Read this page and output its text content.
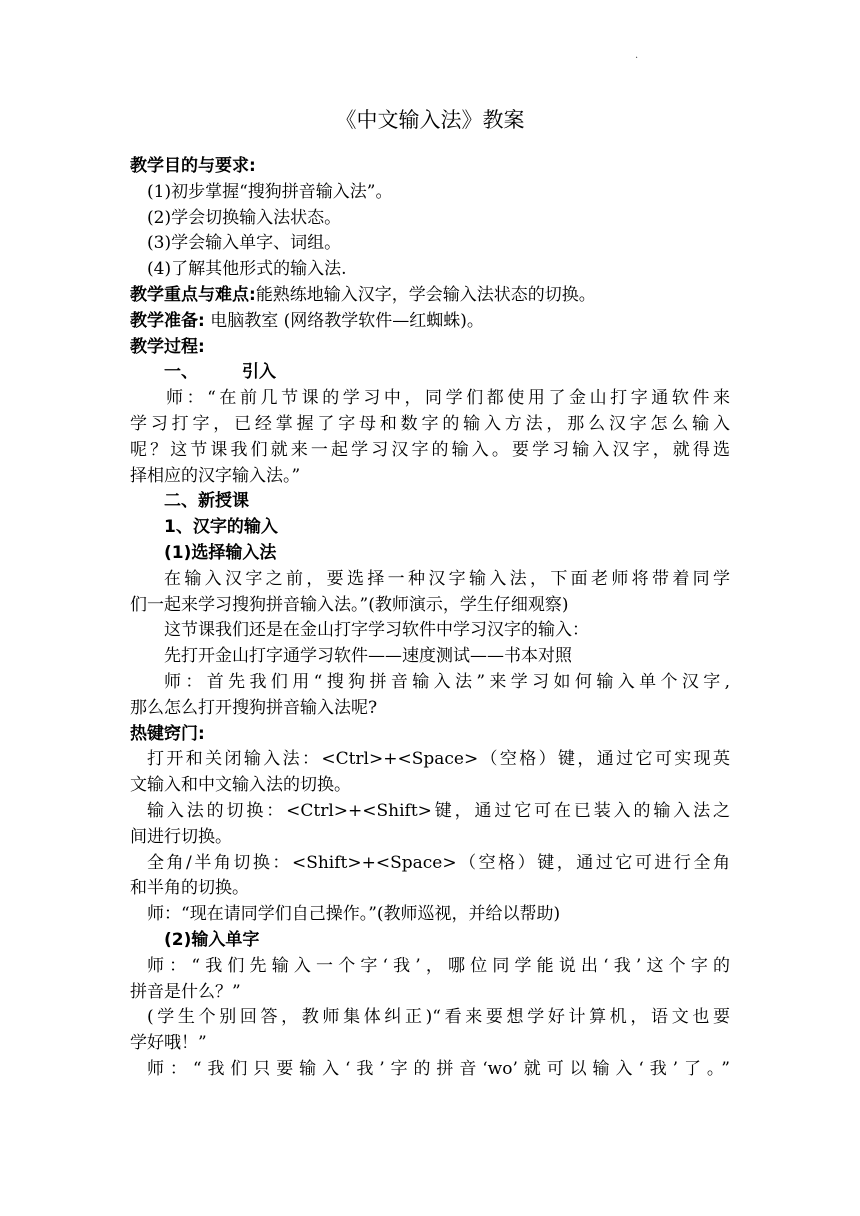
·
《中文输入法》教案
教学目的与要求:
(1)初步掌握“搜狗拼音输入法”。
(2)学会切换输入法状态。
(3)学会输入单字、词组。
(4)了解其他形式的输入法.
教学重点与难点:能熟练地输入汉字，学会输入法状态的切换。
教学准备: 电脑教室 (网络教学软件—红蜘蛛)。
教学过程:
一、	引入
师：“在前几节课的学习中，同学们都使用了金山打字通软件来
学习打字，已经掌握了字母和数字的输入方法，那么汉字怎么输入
呢？这节课我们就来一起学习汉字的输入。要学习输入汉字，就得选
择相应的汉字输入法。”
二、新授课
1、汉字的输入
(1)选择输入法
在输入汉字之前，要选择一种汉字输入法，下面老师将带着同学
们一起来学习搜狗拼音输入法。”(教师演示，学生仔细观察)
这节课我们还是在金山打字学习软件中学习汉字的输入：
先打开金山打字通学习软件——速度测试——书本对照
师：首先我们用“搜狗拼音输入法”来学习如何输入单个汉字,
那么怎么打开搜狗拼音输入法呢?
热键窍门:
打开和关闭输入法：<Ctrl>+<Space>（空格）键，通过它可实现英
文输入和中文输入法的切换。
输入法的切换：<Ctrl>+<Shift>键，通过它可在已装入的输入法之
间进行切换。
全角/半角切换：<Shift>+<Space>（空格）键，通过它可进行全角
和半角的切换。
师：“现在请同学们自己操作。”(教师巡视，并给以帮助)
(2)输入单字
师：“我们先输入一个字‘我’，哪位同学能说出‘我’这个字的
拼音是什么？”
(学生个别回答，教师集体纠正)“看来要想学好计算机，语文也要
学好哦！”
师：“我们只要输入‘我’字的拼音‘wo’就可以输入‘我’了。”
